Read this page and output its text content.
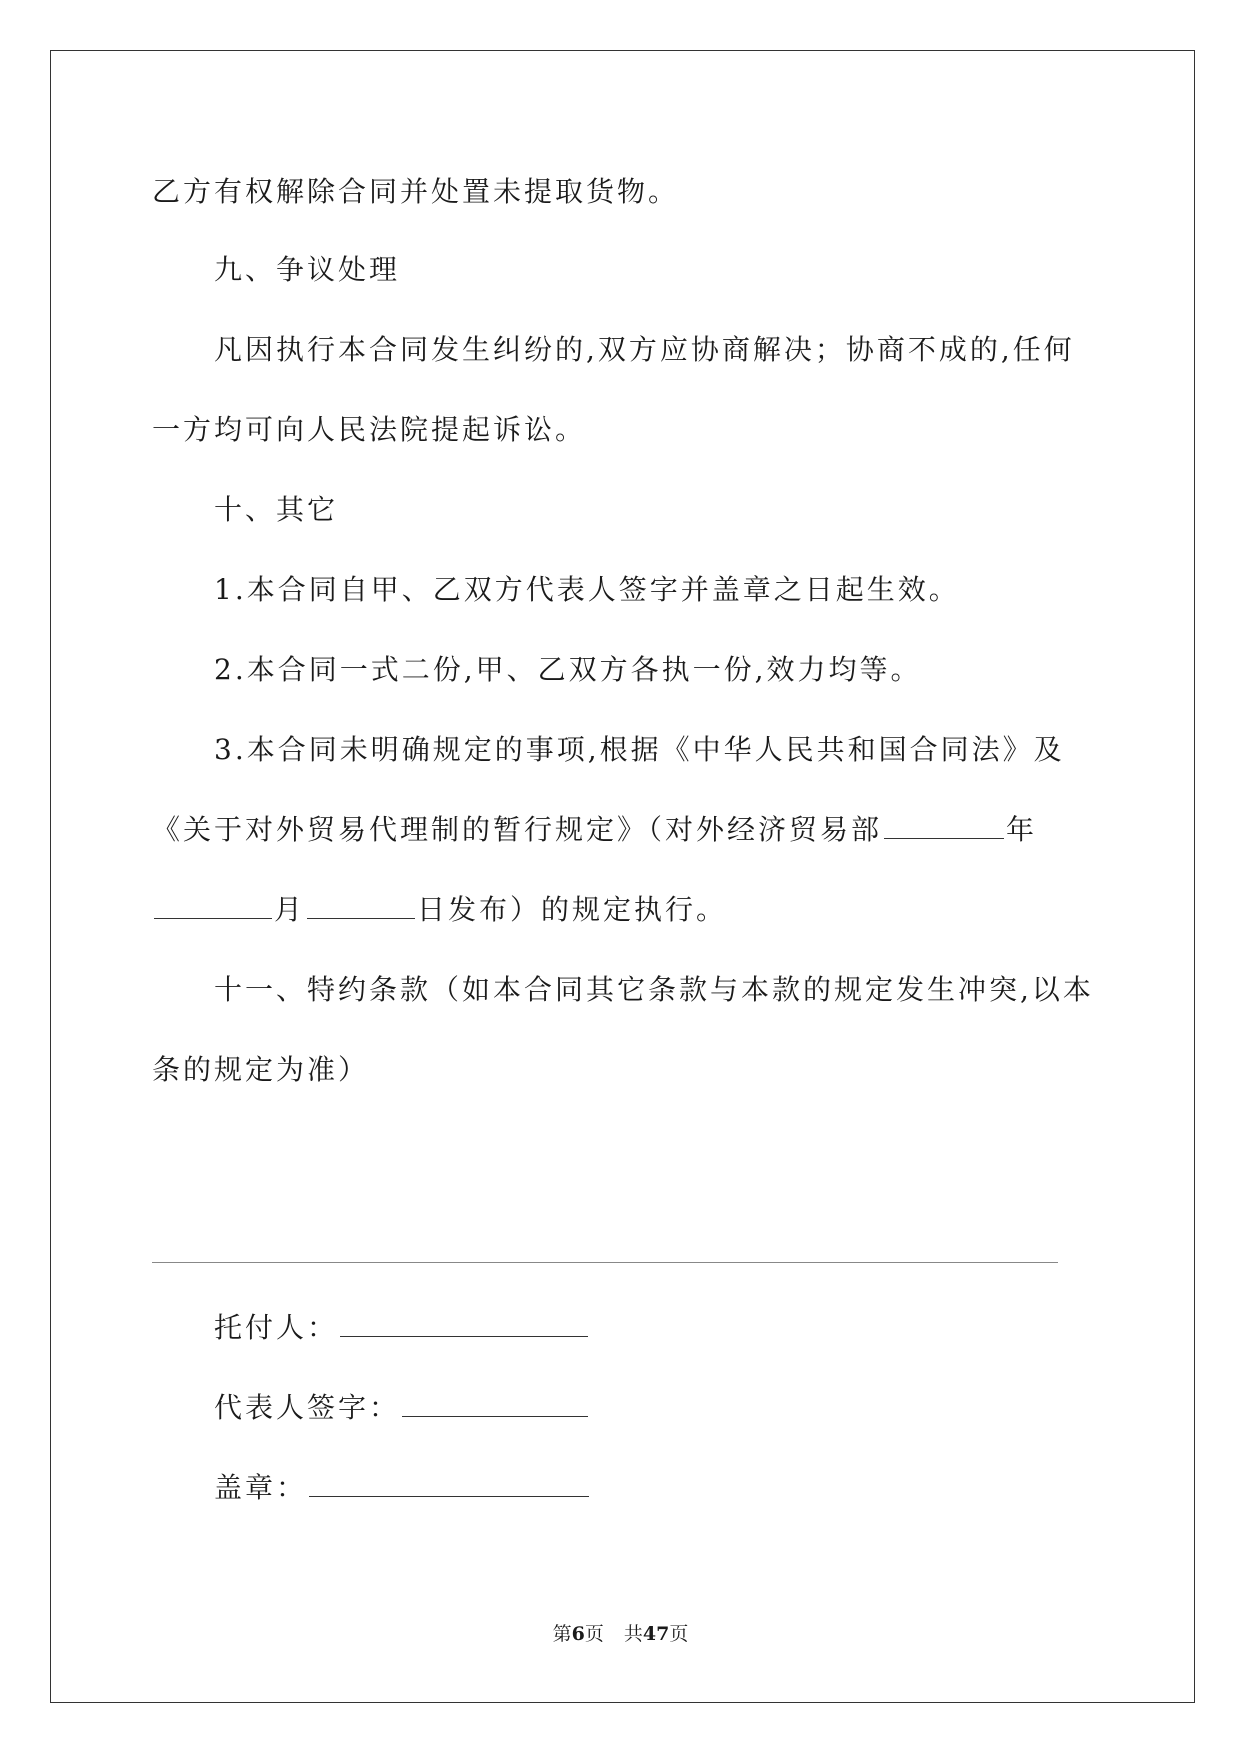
乙方有权解除合同并处置未提取货物。
九、争议处理
凡因执行本合同发生纠纷的,双方应协商解决；协商不成的,任何
一方均可向人民法院提起诉讼。
十、其它
1.本合同自甲、乙双方代表人签字并盖章之日起生效。
2.本合同一式二份,甲、乙双方各执一份,效力均等。
3.本合同未明确规定的事项,根据《中华人民共和国合同法》及
《关于对外贸易代理制的暂行规定》（对外经济贸易部	年
月	日发布）的规定执行。
十一、特约条款（如本合同其它条款与本款的规定发生冲突,以本
条的规定为准）
托付人：
代表人签字：
盖章：
第6页 共47页
